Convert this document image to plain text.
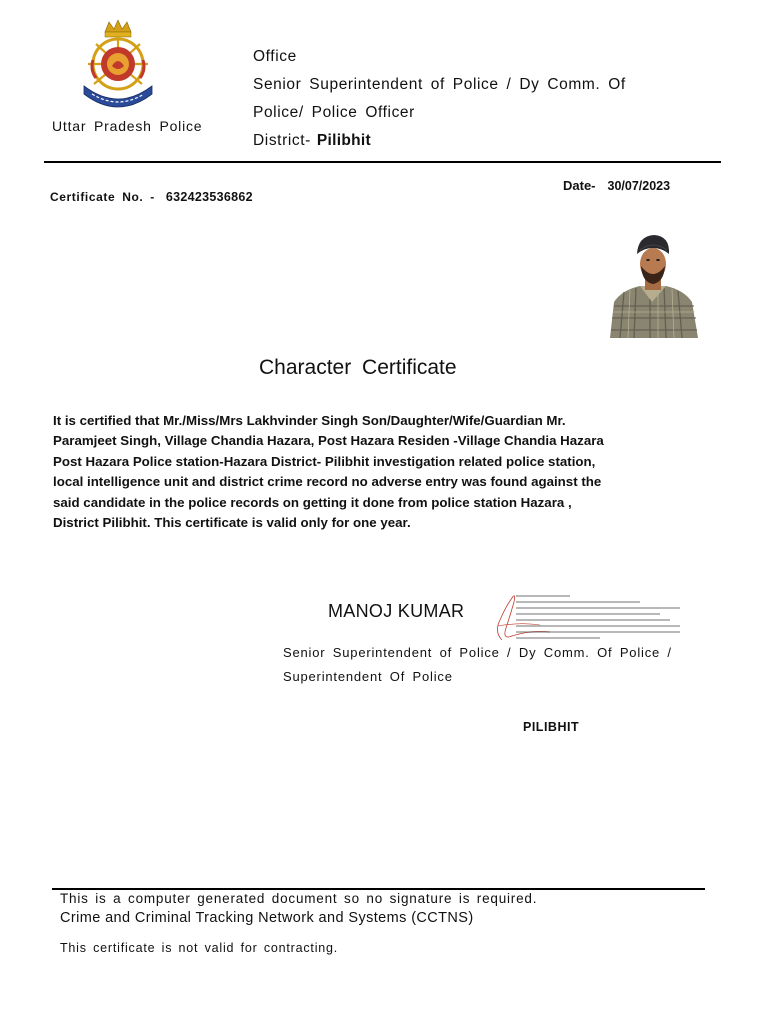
Uttar Pradesh Police
Office
Senior Superintendent of Police / Dy Comm. Of
Police/ Police Officer
District- Pilibhit
Certificate No. - 632423536862
Date- 30/07/2023
Character Certificate
It is certified that Mr./Miss/Mrs Lakhvinder Singh Son/Daughter/Wife/Guardian Mr.
Paramjeet Singh, Village Chandia Hazara, Post Hazara Residen -Village Chandia Hazara
Post Hazara Police station-Hazara District- Pilibhit investigation related police station,
local intelligence unit and district crime record no adverse entry was found against the
said candidate in the police records on getting it done from police station Hazara ,
District Pilibhit. This certificate is valid only for one year.
MANOJ KUMAR
Senior Superintendent of Police / Dy Comm. Of Police /
Superintendent Of Police
PILIBHIT
This is a computer generated document so no signature is required.
Crime and Criminal Tracking Network and Systems (CCTNS)
This certificate is not valid for contracting.
